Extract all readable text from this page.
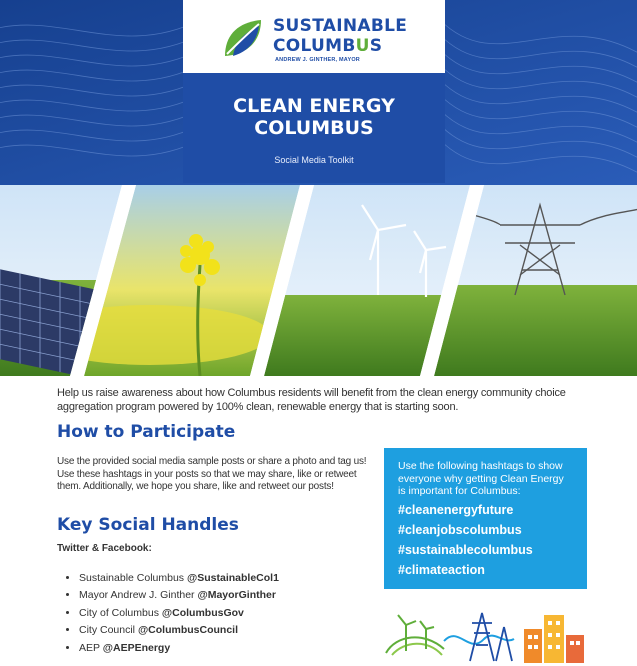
SUSTAINABLE
COLUMBUS
ANDREW J. GINTHER, MAYOR
CLEAN ENERGY
COLUMBUS
Social Media Toolkit
Help us raise awareness about how Columbus residents will benefit from the clean energy community choice aggregation program powered by 100% clean, renewable energy that is starting soon.
How to Participate
Use the provided social media sample posts or share a photo and tag us! Use these hashtags in your posts so that we may share, like or retweet them. Additionally, we hope you share, like and retweet our posts!
Key Social Handles
Twitter & Facebook:
• Sustainable Columbus @SustainableCol1
• Mayor Andrew J. Ginther @MayorGinther
• City of Columbus @ColumbusGov
• City Council @ColumbusCouncil
• AEP @AEPEnergy
Use the following hashtags to show everyone why getting Clean Energy is important for Columbus:
#cleanenergyfuture
#cleanjobscolumbus
#sustainablecolumbus
#climateaction
